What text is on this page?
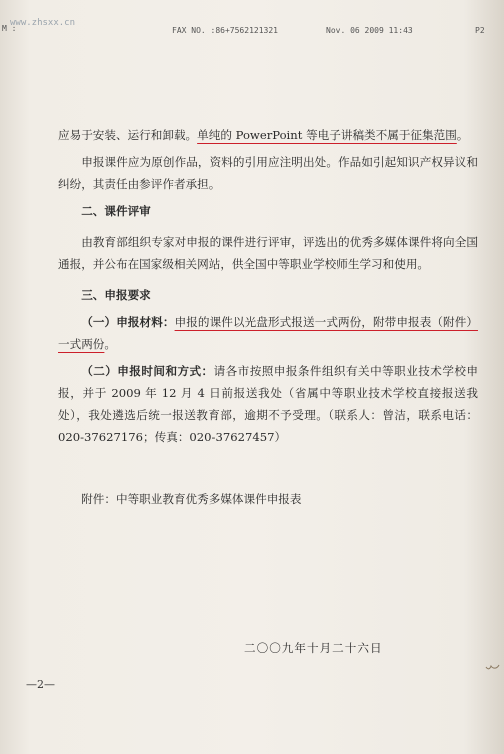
M :
www.zhsxx.cn
FAX NO. :86+7562121321	Nov. 06 2009 11:43	P2

应易于安装、运行和卸载。单纯的 PowerPoint 等电子讲稿类不属于征集范围。

申报课件应为原创作品，资料的引用应注明出处。作品如引起知识产权异议和纠纷，其责任由参评作者承担。

二、课件评审

由教育部组织专家对申报的课件进行评审，评选出的优秀多媒体课件将向全国通报，并公布在国家级相关网站，供全国中等职业学校师生学习和使用。

三、申报要求

（一）申报材料：申报的课件以光盘形式报送一式两份，附带申报表（附件）一式两份。

（二）申报时间和方式：请各市按照申报条件组织有关中等职业技术学校申报，并于 2009 年 12 月 4 日前报送我处（省属中等职业技术学校直接报送我处），我处遴选后统一报送教育部，逾期不予受理。（联系人：曾洁，联系电话：020-37627176；传真：020-37627457）

附件：中等职业教育优秀多媒体课件申报表

二〇〇九年十月二十六日
—2—
